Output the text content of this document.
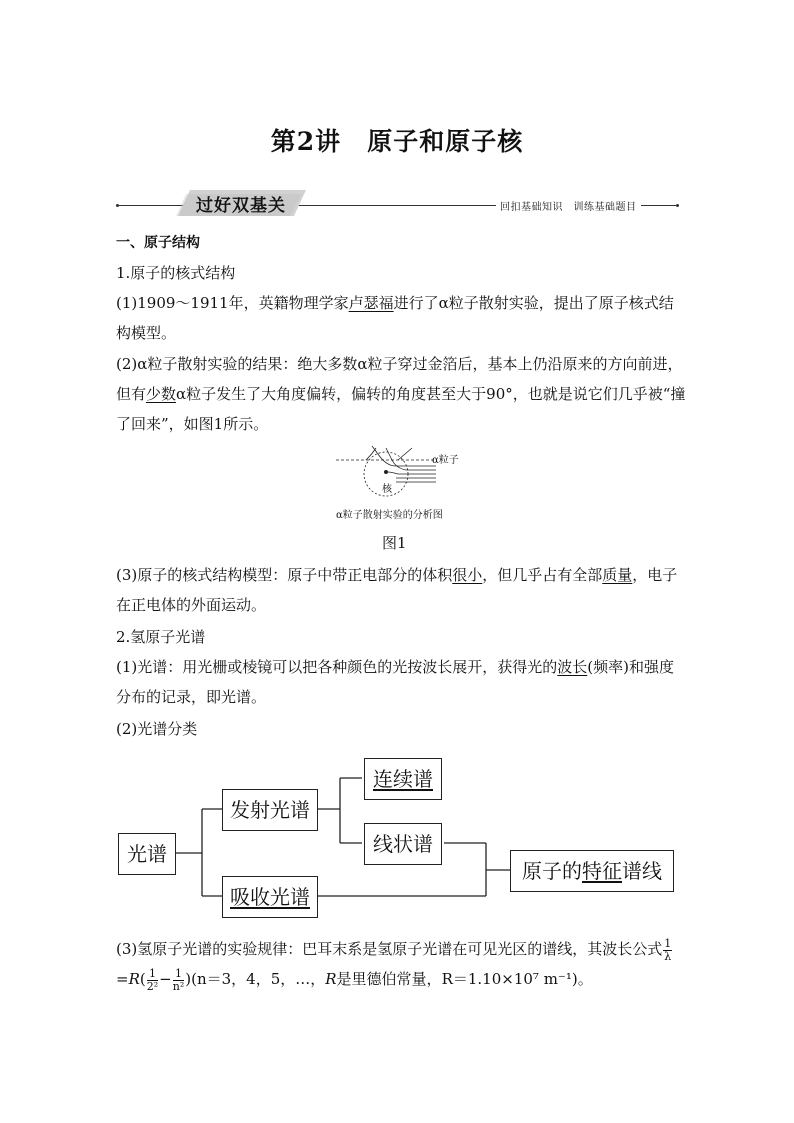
第2讲 原子和原子核
过好双基关	回扣基础知识　训练基础题目
一、原子结构
1.原子的核式结构
(1)1909～1911年，英籍物理学家卢瑟福进行了α粒子散射实验，提出了原子核式结构模型。
(2)α粒子散射实验的结果：绝大多数α粒子穿过金箔后，基本上仍沿原来的方向前进，但有少数α粒子发生了大角度偏转，偏转的角度甚至大于90°，也就是说它们几乎被“撞了回来”，如图1所示。
α粒子
核
α粒子散射实验的分析图
图1
(3)原子的核式结构模型：原子中带正电部分的体积很小，但几乎占有全部质量，电子在正电体的外面运动。
2.氢原子光谱
(1)光谱：用光栅或棱镜可以把各种颜色的光按波长展开，获得光的波长(频率)和强度分布的记录，即光谱。
(2)光谱分类
光谱
发射光谱
吸收光谱
连续谱
线状谱
原子的特征谱线
(3)氢原子光谱的实验规律：巴耳末系是氢原子光谱在可见光区的谱线，其波长公式 $\frac{1}{\lambda}$
$=R( \frac{1}{\text{2²}} - \frac{1}{\text{n²}} )(n=3$，4，5，…，R是里德伯常量，R＝1.10×10⁷ m⁻¹)。
